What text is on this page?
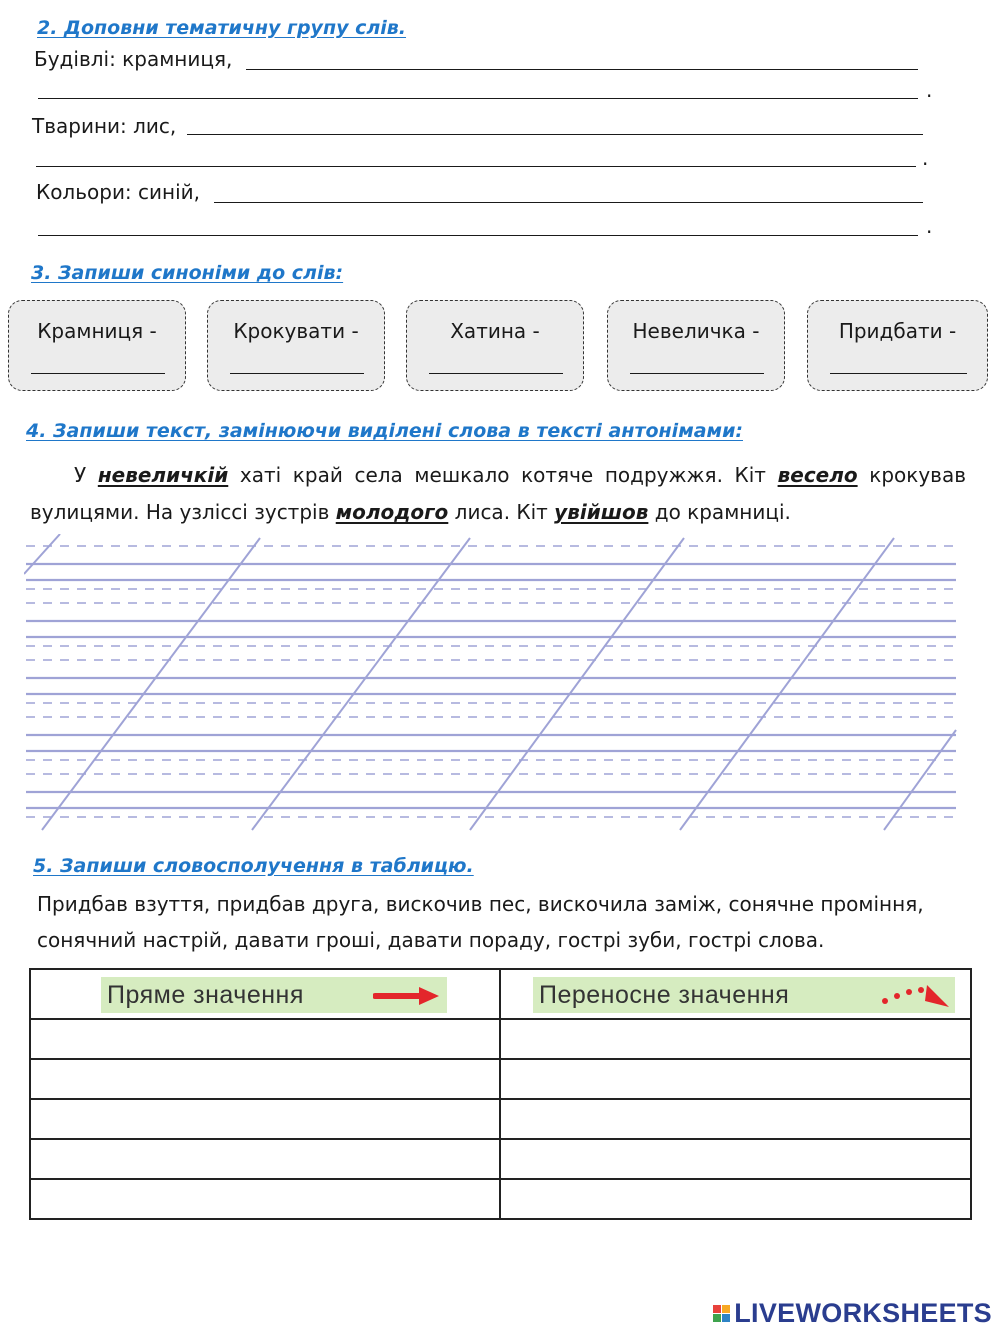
2. Доповни тематичну групу слів.
Будівлі: крамниця,
.
Тварини: лис,
.
Кольори: синій,
.
3. Запиши синоніми до слів:
Крамниця -	Крокувати -	Хатина -	Невеличка -	Придбати -
4. Запиши текст, замінюючи виділені слова в тексті антонімами:
У невеличкій хаті край села мешкало котяче подружжя. Кіт весело крокував
вулицями. На узліссі зустрів молодого лиса. Кіт увійшов до крамниці.
5. Запиши словосполучення в таблицю.
Придбав взуття, придбав друга, вискочив пес, вискочила заміж, сонячне проміння,
сонячний настрій, давати гроші, давати пораду, гострі зуби, гострі слова.
Пряме значення	Переносне значення

LIVEWORKSHEETS
